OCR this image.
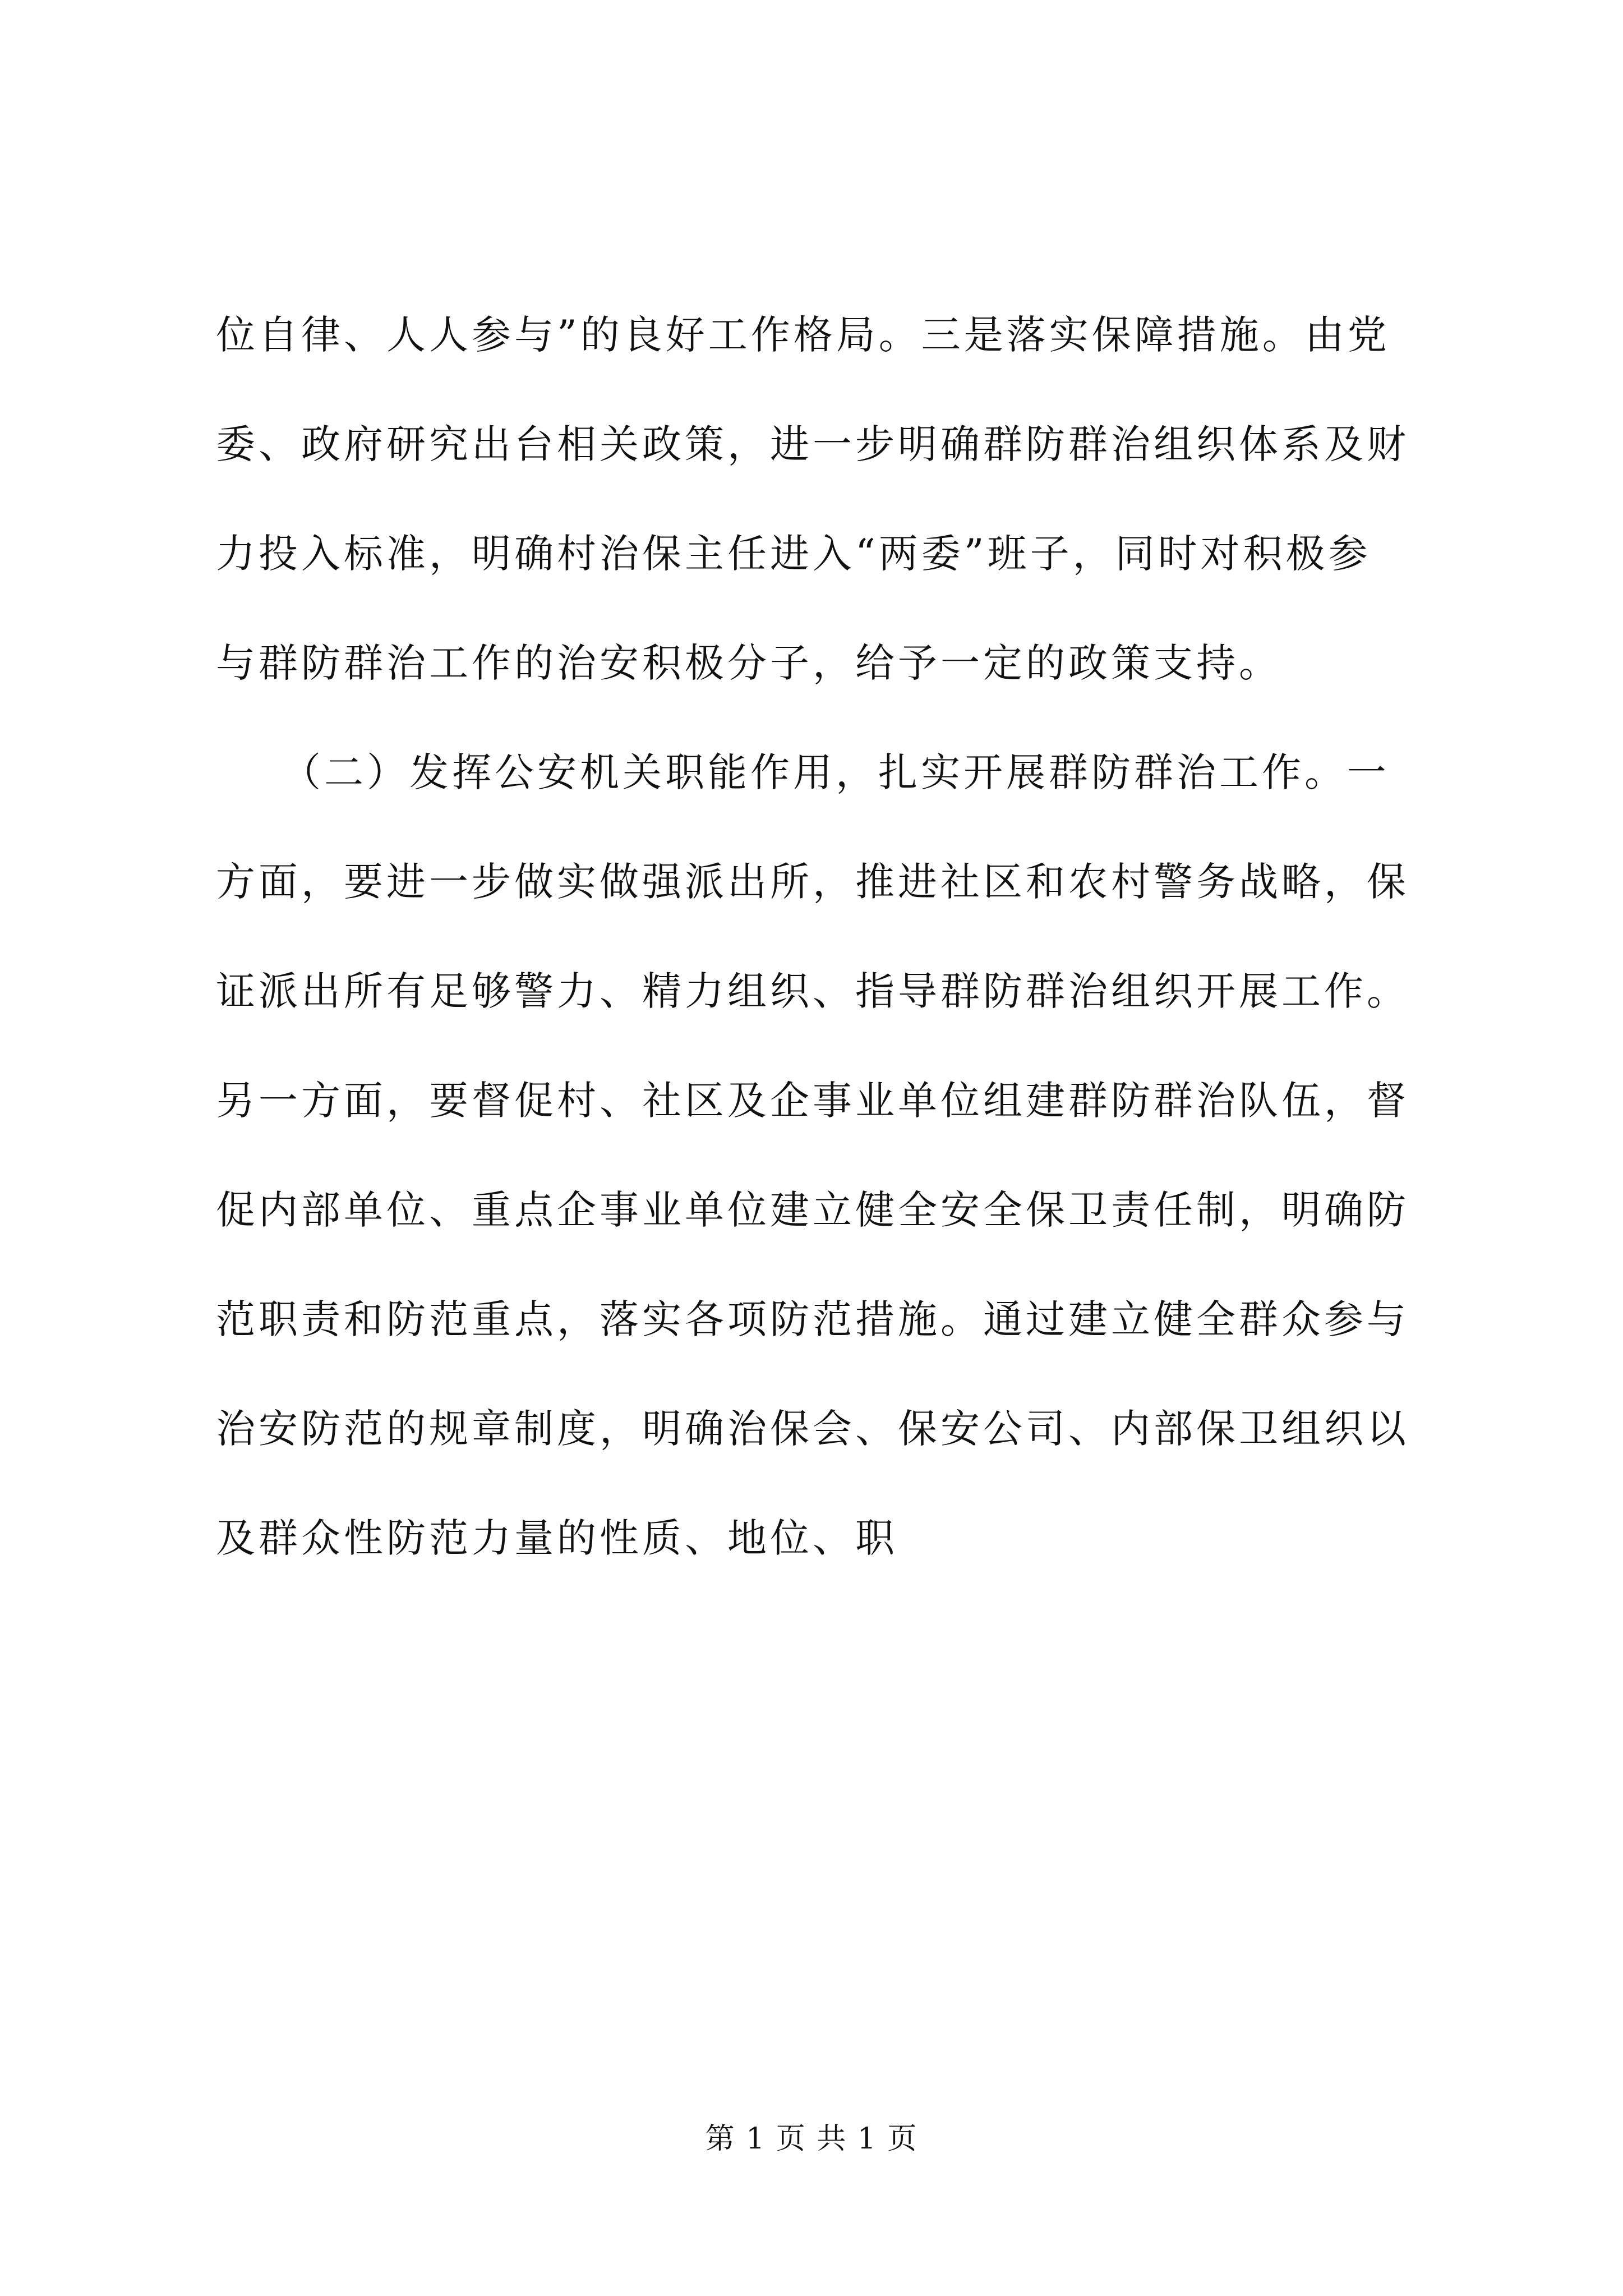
位自律、人人参与”的良好工作格局。三是落实保障措施。由党
委、政府研究出台相关政策，进一步明确群防群治组织体系及财
力投入标准，明确村治保主任进入“两委”班子，同时对积极参
与群防群治工作的治安积极分子，给予一定的政策支持。
　　（二）发挥公安机关职能作用，扎实开展群防群治工作。一
方面，要进一步做实做强派出所，推进社区和农村警务战略，保
证派出所有足够警力、精力组织、指导群防群治组织开展工作。
另一方面，要督促村、社区及企事业单位组建群防群治队伍，督
促内部单位、重点企事业单位建立健全安全保卫责任制，明确防
范职责和防范重点，落实各项防范措施。通过建立健全群众参与
治安防范的规章制度，明确治保会、保安公司、内部保卫组织以
及群众性防范力量的性质、地位、职
第 1 页 共 1 页
